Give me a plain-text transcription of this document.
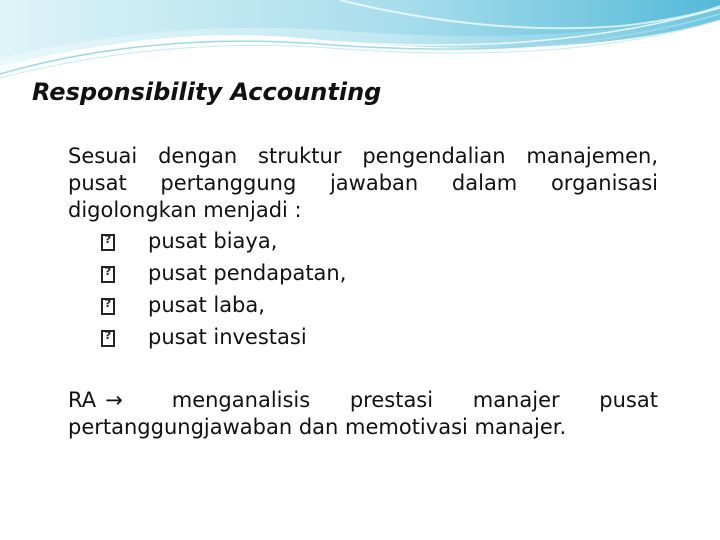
Responsibility Accounting
Sesuai dengan struktur pengendalian manajemen,
pusat pertanggung jawaban dalam organisasi
digolongkan menjadi :
?
pusat biaya,
?
pusat pendapatan,
?
pusat laba,
?
pusat investasi
RA →	menganalisis prestasi manajer pusat
pertanggungjawaban dan memotivasi manajer.
